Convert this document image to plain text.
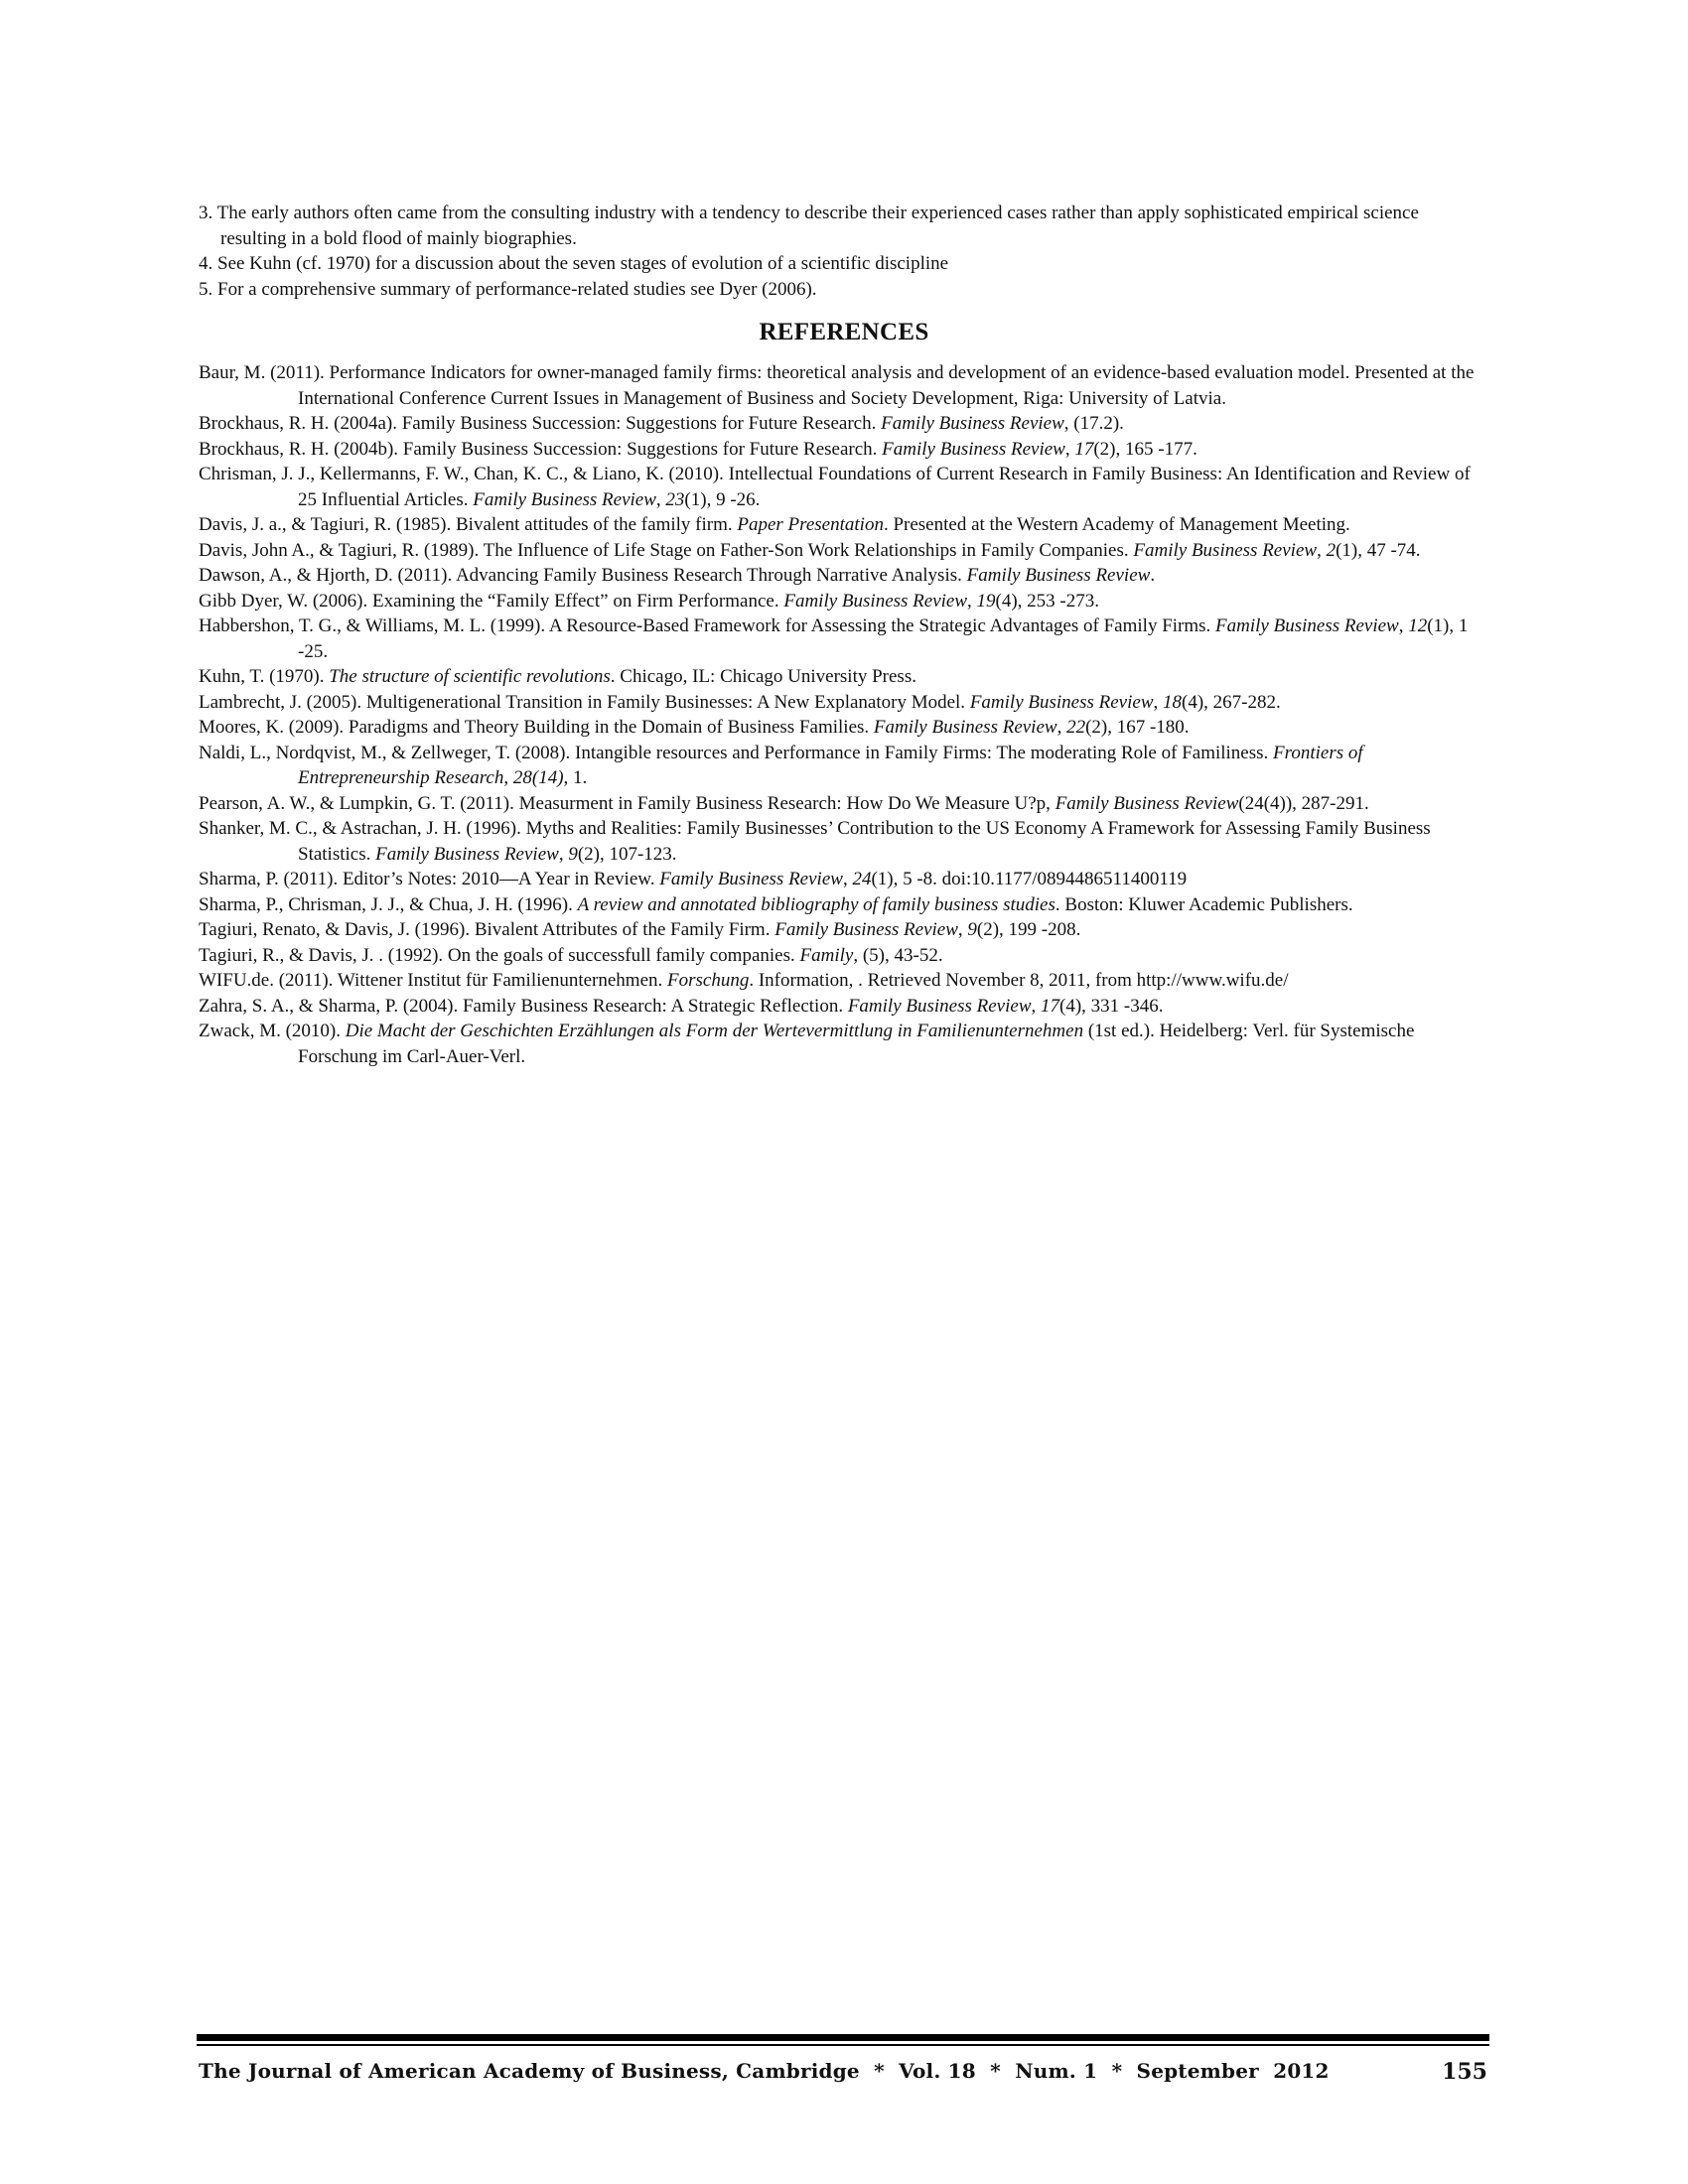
3. The early authors often came from the consulting industry with a tendency to describe their experienced cases rather than apply sophisticated empirical science resulting in a bold flood of mainly biographies.
4. See Kuhn (cf. 1970) for a discussion about the seven stages of evolution of a scientific discipline
5. For a comprehensive summary of performance-related studies see Dyer (2006).
REFERENCES
Baur, M. (2011). Performance Indicators for owner-managed family firms: theoretical analysis and development of an evidence-based evaluation model. Presented at the International Conference Current Issues in Management of Business and Society Development, Riga: University of Latvia.
Brockhaus, R. H. (2004a). Family Business Succession: Suggestions for Future Research. Family Business Review, (17.2).
Brockhaus, R. H. (2004b). Family Business Succession: Suggestions for Future Research. Family Business Review, 17(2), 165 -177.
Chrisman, J. J., Kellermanns, F. W., Chan, K. C., & Liano, K. (2010). Intellectual Foundations of Current Research in Family Business: An Identification and Review of 25 Influential Articles. Family Business Review, 23(1), 9 -26.
Davis, J. a., & Tagiuri, R. (1985). Bivalent attitudes of the family firm. Paper Presentation. Presented at the Western Academy of Management Meeting.
Davis, John A., & Tagiuri, R. (1989). The Influence of Life Stage on Father-Son Work Relationships in Family Companies. Family Business Review, 2(1), 47 -74.
Dawson, A., & Hjorth, D. (2011). Advancing Family Business Research Through Narrative Analysis. Family Business Review.
Gibb Dyer, W. (2006). Examining the “Family Effect” on Firm Performance. Family Business Review, 19(4), 253 -273.
Habbershon, T. G., & Williams, M. L. (1999). A Resource-Based Framework for Assessing the Strategic Advantages of Family Firms. Family Business Review, 12(1), 1 -25.
Kuhn, T. (1970). The structure of scientific revolutions. Chicago, IL: Chicago University Press.
Lambrecht, J. (2005). Multigenerational Transition in Family Businesses: A New Explanatory Model. Family Business Review, 18(4), 267-282.
Moores, K. (2009). Paradigms and Theory Building in the Domain of Business Families. Family Business Review, 22(2), 167 -180.
Naldi, L., Nordqvist, M., & Zellweger, T. (2008). Intangible resources and Performance in Family Firms: The moderating Role of Familiness. Frontiers of Entrepreneurship Research, 28(14), 1.
Pearson, A. W., & Lumpkin, G. T. (2011). Measurment in Family Business Research: How Do We Measure U?p, Family Business Review(24(4)), 287-291.
Shanker, M. C., & Astrachan, J. H. (1996). Myths and Realities: Family Businesses’ Contribution to the US Economy A Framework for Assessing Family Business Statistics. Family Business Review, 9(2), 107-123.
Sharma, P. (2011). Editor’s Notes: 2010—A Year in Review. Family Business Review, 24(1), 5 -8. doi:10.1177/0894486511400119
Sharma, P., Chrisman, J. J., & Chua, J. H. (1996). A review and annotated bibliography of family business studies. Boston: Kluwer Academic Publishers.
Tagiuri, Renato, & Davis, J. (1996). Bivalent Attributes of the Family Firm. Family Business Review, 9(2), 199 -208.
Tagiuri, R., & Davis, J. . (1992). On the goals of successfull family companies. Family, (5), 43-52.
WIFU.de. (2011). Wittener Institut für Familienunternehmen. Forschung. Information, . Retrieved November 8, 2011, from http://www.wifu.de/
Zahra, S. A., & Sharma, P. (2004). Family Business Research: A Strategic Reflection. Family Business Review, 17(4), 331 -346.
Zwack, M. (2010). Die Macht der Geschichten Erzählungen als Form der Wertevermittlung in Familienunternehmen (1st ed.). Heidelberg: Verl. für Systemische Forschung im Carl-Auer-Verl.
The Journal of American Academy of Business, Cambridge  *  Vol. 18  *  Num. 1  *  September  2012	155
